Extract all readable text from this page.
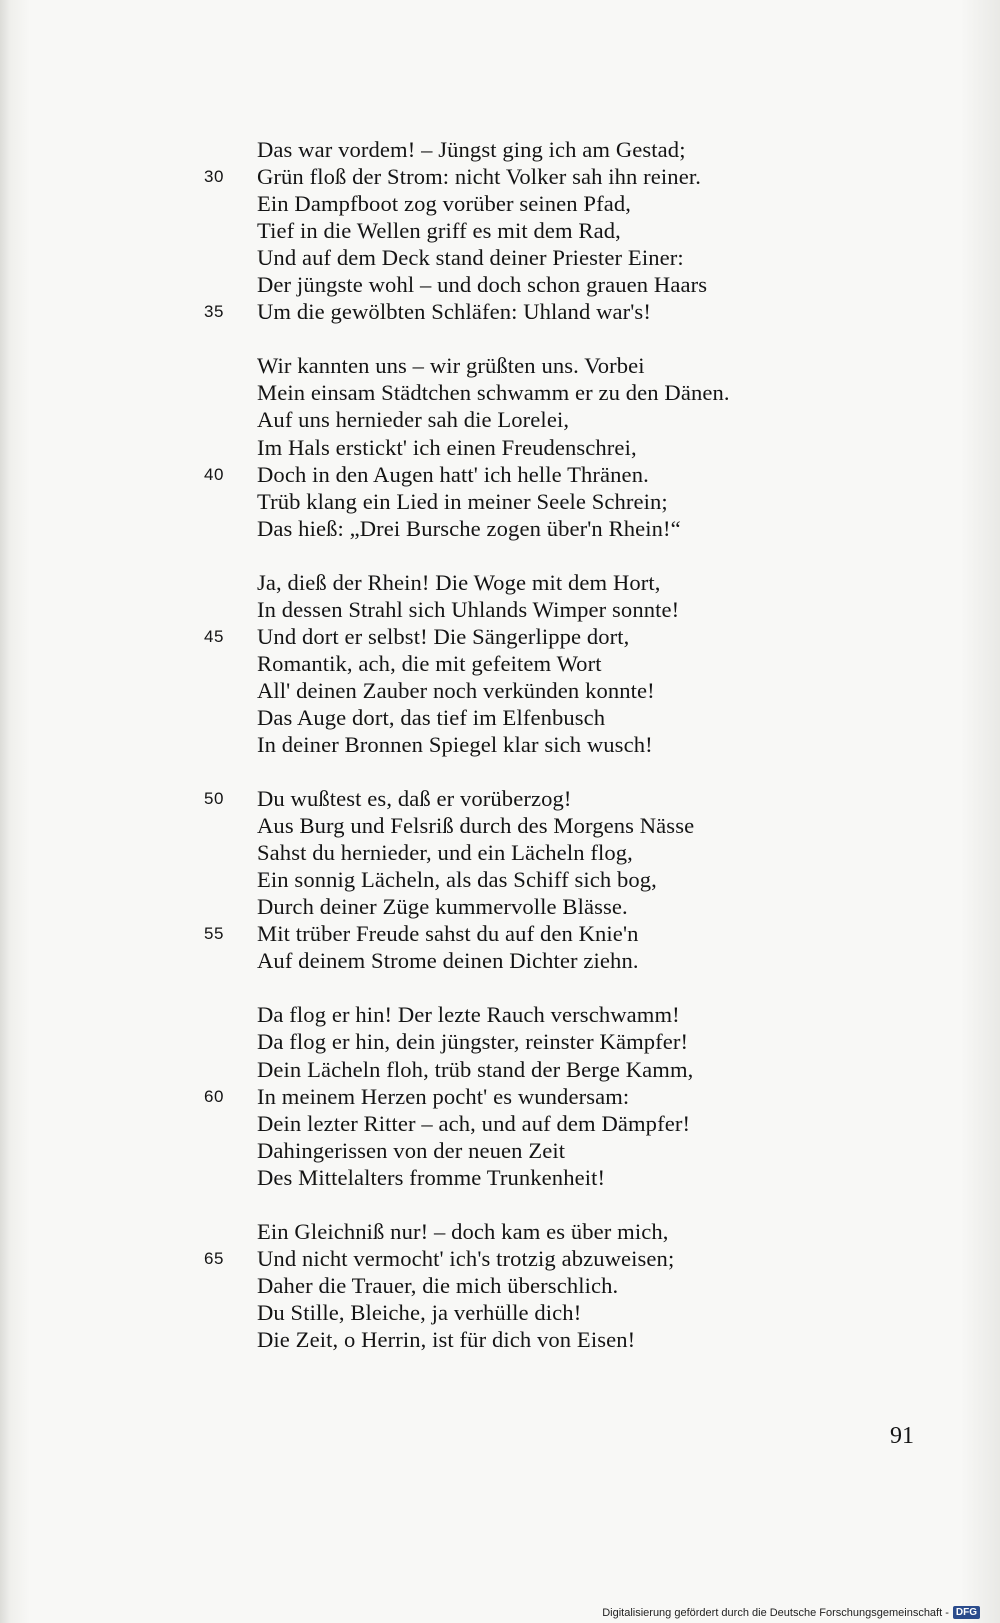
Das war vordem! – Jüngst ging ich am Gestad;
30	Grün floß der Strom: nicht Volker sah ihn reiner.
Ein Dampfboot zog vorüber seinen Pfad,
Tief in die Wellen griff es mit dem Rad,
Und auf dem Deck stand deiner Priester Einer:
Der jüngste wohl – und doch schon grauen Haars
35	Um die gewölbten Schläfen: Uhland war's!
Wir kannten uns – wir grüßten uns. Vorbei
Mein einsam Städtchen schwamm er zu den Dänen.
Auf uns hernieder sah die Lorelei,
Im Hals erstickt' ich einen Freudenschrei,
40	Doch in den Augen hatt' ich helle Thränen.
Trüb klang ein Lied in meiner Seele Schrein;
Das hieß: „Drei Bursche zogen über'n Rhein!“
Ja, dieß der Rhein! Die Woge mit dem Hort,
In dessen Strahl sich Uhlands Wimper sonnte!
45	Und dort er selbst! Die Sängerlippe dort,
Romantik, ach, die mit gefeitem Wort
All' deinen Zauber noch verkünden konnte!
Das Auge dort, das tief im Elfenbusch
In deiner Bronnen Spiegel klar sich wusch!
50	Du wußtest es, daß er vorüberzog!
Aus Burg und Felsriß durch des Morgens Nässe
Sahst du hernieder, und ein Lächeln flog,
Ein sonnig Lächeln, als das Schiff sich bog,
Durch deiner Züge kummervolle Blässe.
55	Mit trüber Freude sahst du auf den Knie'n
Auf deinem Strome deinen Dichter ziehn.
Da flog er hin! Der lezte Rauch verschwamm!
Da flog er hin, dein jüngster, reinster Kämpfer!
Dein Lächeln floh, trüb stand der Berge Kamm,
60	In meinem Herzen pocht' es wundersam:
Dein lezter Ritter – ach, und auf dem Dämpfer!
Dahingerissen von der neuen Zeit
Des Mittelalters fromme Trunkenheit!
Ein Gleichniß nur! – doch kam es über mich,
65	Und nicht vermocht' ich's trotzig abzuweisen;
Daher die Trauer, die mich überschlich.
Du Stille, Bleiche, ja verhülle dich!
Die Zeit, o Herrin, ist für dich von Eisen!
91
Digitalisierung gefördert durch die Deutsche Forschungsgemeinschaft - DFG
